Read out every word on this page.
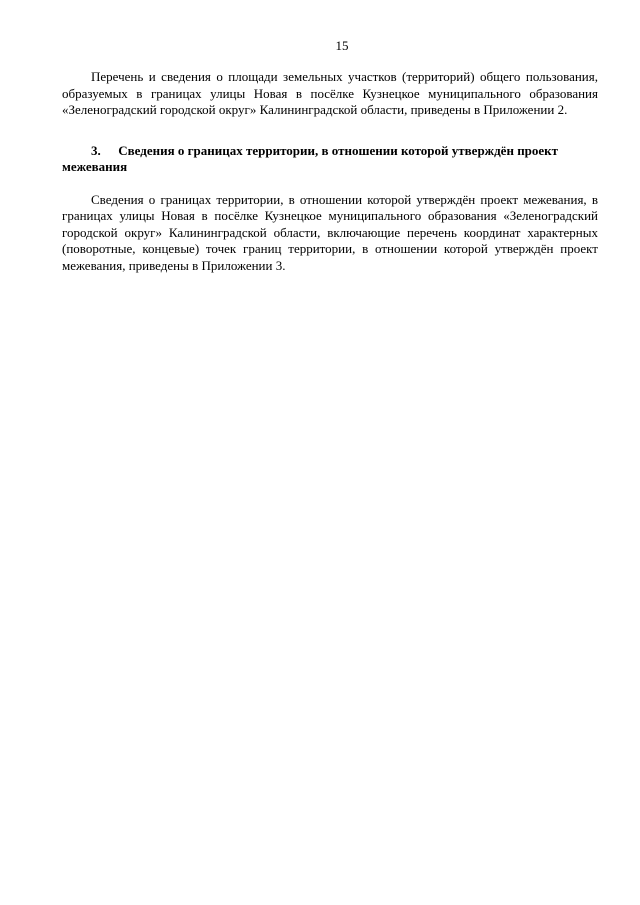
15

Перечень и сведения о площади земельных участков (территорий) общего пользования, образуемых в границах улицы Новая в посёлке Кузнецкое муниципального образования «Зеленоградский городской округ» Калининградской области, приведены в Приложении 2.

3. Сведения о границах территории, в отношении которой утверждён проект межевания

Сведения о границах территории, в отношении которой утверждён проект межевания, в границах улицы Новая в посёлке Кузнецкое муниципального образования «Зеленоградский городской округ» Калининградской области, включающие перечень координат характерных (поворотные, концевые) точек границ территории, в отношении которой утверждён проект межевания, приведены в Приложении 3.
